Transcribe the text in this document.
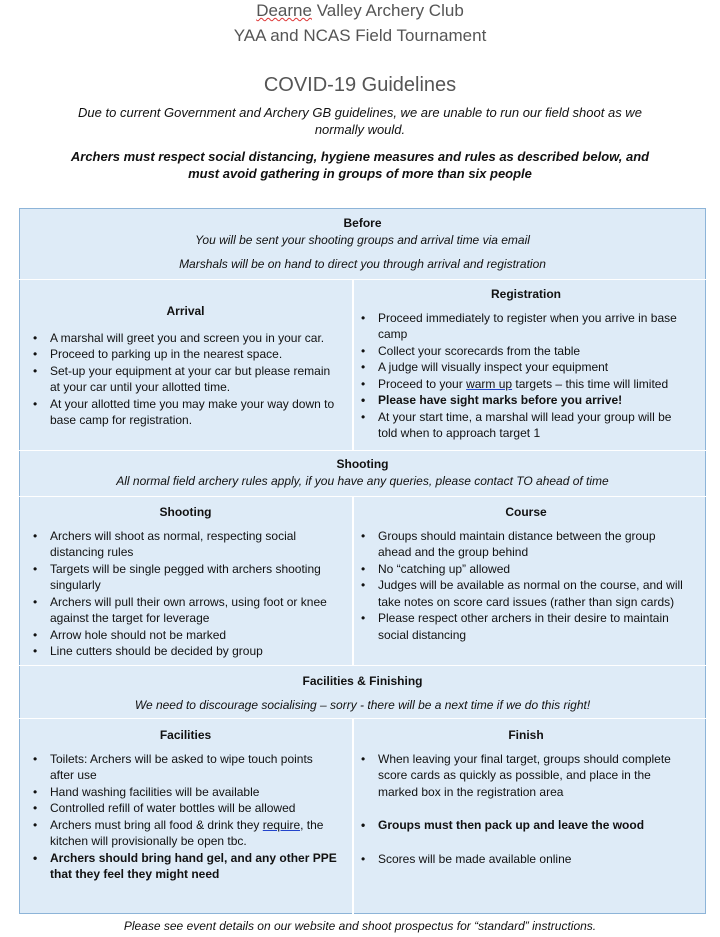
Dearne Valley Archery Club
YAA and NCAS Field Tournament
COVID-19 Guidelines
Due to current Government and Archery GB guidelines, we are unable to run our field shoot as we normally would.
Archers must respect social distancing, hygiene measures and rules as described below, and must avoid gathering in groups of more than six people
Before
You will be sent your shooting groups and arrival time via email
Marshals will be on hand to direct you through arrival and registration
Arrival
• A marshal will greet you and screen you in your car.
• Proceed to parking up in the nearest space.
• Set-up your equipment at your car but please remain at your car until your allotted time.
• At your allotted time you may make your way down to base camp for registration.
Registration
• Proceed immediately to register when you arrive in base camp
• Collect your scorecards from the table
• A judge will visually inspect your equipment
• Proceed to your warm up targets – this time will limited
• Please have sight marks before you arrive!
• At your start time, a marshal will lead your group will be told when to approach target 1
Shooting
All normal field archery rules apply, if you have any queries, please contact TO ahead of time
Shooting
• Archers will shoot as normal, respecting social distancing rules
• Targets will be single pegged with archers shooting singularly
• Archers will pull their own arrows, using foot or knee against the target for leverage
• Arrow hole should not be marked
• Line cutters should be decided by group
Course
• Groups should maintain distance between the group ahead and the group behind
• No “catching up” allowed
• Judges will be available as normal on the course, and will take notes on score card issues (rather than sign cards)
• Please respect other archers in their desire to maintain social distancing
Facilities & Finishing
We need to discourage socialising – sorry - there will be a next time if we do this right!
Facilities
• Toilets: Archers will be asked to wipe touch points after use
• Hand washing facilities will be available
• Controlled refill of water bottles will be allowed
• Archers must bring all food & drink they require, the kitchen will provisionally be open tbc.
• Archers should bring hand gel, and any other PPE that they feel they might need
Finish
• When leaving your final target, groups should complete score cards as quickly as possible, and place in the marked box in the registration area
• Groups must then pack up and leave the wood
• Scores will be made available online
Please see event details on our website and shoot prospectus for “standard” instructions.
